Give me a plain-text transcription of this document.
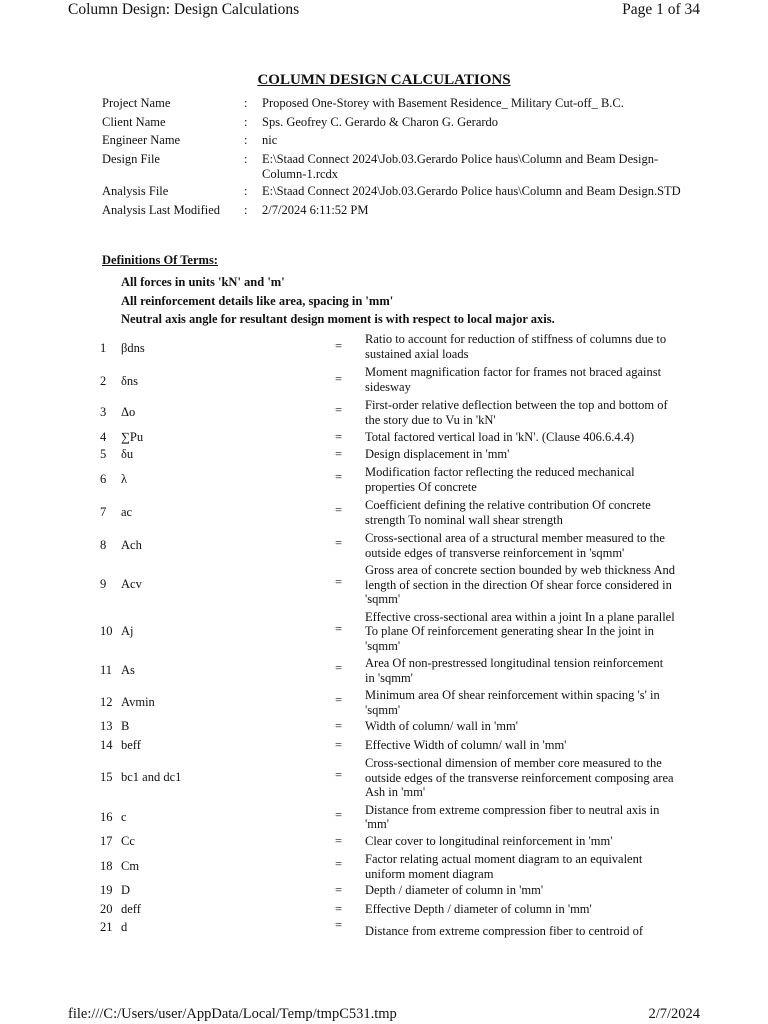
Column Design: Design Calculations	Page 1 of 34
COLUMN DESIGN CALCULATIONS
Project Name	: Proposed One-Storey with Basement Residence_ Military Cut-off_ B.C.
Client Name	: Sps. Geofrey C. Gerardo & Charon G. Gerardo
Engineer Name	: nic
Design File	: E:\Staad Connect 2024\Job.03.Gerardo Police haus\Column and Beam Design-Column-1.rcdx
Analysis File	: E:\Staad Connect 2024\Job.03.Gerardo Police haus\Column and Beam Design.STD
Analysis Last Modified	: 2/7/2024 6:11:52 PM
Definitions Of Terms:
All forces in units 'kN' and 'm'
All reinforcement details like area, spacing in 'mm'
Neutral axis angle for resultant design moment is with respect to local major axis.
1 βdns	= Ratio to account for reduction of stiffness of columns due to sustained axial loads
2 δns	= Moment magnification factor for frames not braced against sidesway
3 Δo	= First-order relative deflection between the top and bottom of the story due to Vu in 'kN'
4 ∑Pu	= Total factored vertical load in 'kN'. (Clause 406.6.4.4)
5 δu	= Design displacement in 'mm'
6 λ	= Modification factor reflecting the reduced mechanical properties Of concrete
7 ac	= Coefficient defining the relative contribution Of concrete strength To nominal wall shear strength
8 Ach	= Cross-sectional area of a structural member measured to the outside edges of transverse reinforcement in 'sqmm'
9 Acv	=
Gross area of concrete section bounded by web thickness And length of section in the direction Of shear force considered in 'sqmm'
10 Aj	=
Effective cross-sectional area within a joint In a plane parallel To plane Of reinforcement generating shear In the joint in 'sqmm'
11 As	= Area Of non-prestressed longitudinal tension reinforcement in 'sqmm'
12 Avmin	= Minimum area Of shear reinforcement within spacing 's' in 'sqmm'
13 B	= Width of column/ wall in 'mm'
14 beff	= Effective Width of column/ wall in 'mm'
15 bc1 and dc1	=
Cross-sectional dimension of member core measured to the outside edges of the transverse reinforcement composing area Ash in 'mm'
16 c	= Distance from extreme compression fiber to neutral axis in 'mm'
17 Cc	= Clear cover to longitudinal reinforcement in 'mm'
18 Cm	= Factor relating actual moment diagram to an equivalent uniform moment diagram
19 D	= Depth / diameter of column in 'mm'
20 deff	= Effective Depth / diameter of column in 'mm'
21 d	= Distance from extreme compression fiber to centroid of
file:///C:/Users/user/AppData/Local/Temp/tmpC531.tmp	2/7/2024
